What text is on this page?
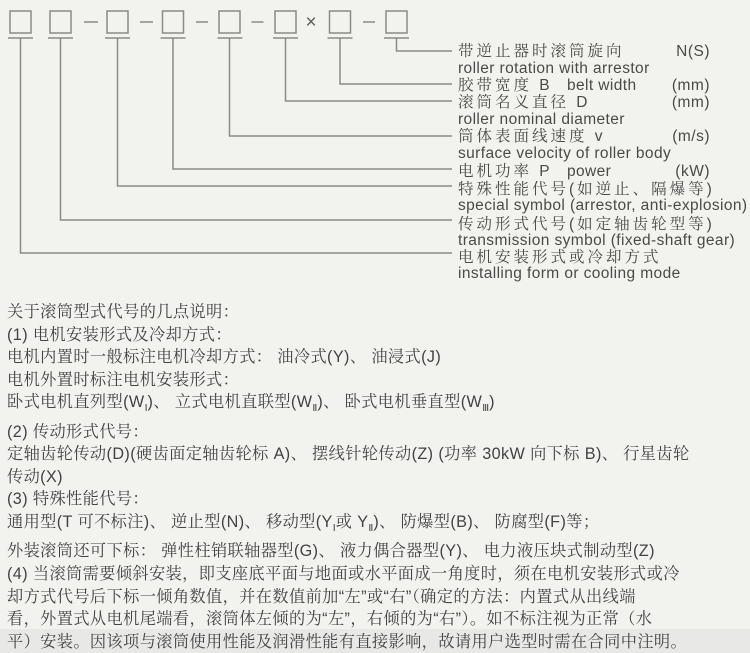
×
带逆止器时滚筒旋向	N(S)
roller rotation with arrestor
胶带宽度 B belt width (mm)
滚筒名义直径 D	(mm)
roller nominal diameter
筒体表面线速度 v	(m/s)
surface velocity of roller body
电机功率 P power	(kW)
特殊性能代号(如逆止、隔爆等)
special symbol (arrestor, anti-explosion)
传动形式代号(如定轴齿轮型等)
transmission symbol (fixed-shaft gear)
电机安装形式或冷却方式
installing form or cooling mode
关于滚筒型式代号的几点说明：
(1) 电机安装形式及冷却方式：
电机内置时一般标注电机冷却方式： 油冷式(Y)、 油浸式(J)
电机外置时标注电机安装形式：
卧式电机直列型$(W_Ⅰ)$、 立式电机直联型$(W_Ⅱ)$、 卧式电机垂直型$(W_Ⅲ)$
(2) 传动形式代号：
定轴齿轮传动(D)(硬齿面定轴齿轮标 A)、 摆线针轮传动(Z) (功率 30kW 向下标 B)、 行星齿轮
传动(X)
(3) 特殊性能代号：
通用型(T 可不标注)、 逆止型(N)、 移动型($Y_Ⅰ$或 $Y_Ⅱ$)、 防爆型(B)、 防腐型(F)等；
外装滚筒还可下标： 弹性柱销联轴器型(G)、 液力偶合器型(Y)、 电力液压块式制动型(Z)
(4) 当滚筒需要倾斜安装，即支座底平面与地面或水平面成一角度时，须在电机安装形式或冷
却方式代号后下标一倾角数值，并在数值前加“左”或“右”（确定的方法：内置式从出线端
看，外置式从电机尾端看，滚筒体左倾的为“左”，右倾的为“右”）。如不标注视为正常（水
平）安装。因该项与滚筒使用性能及润滑性能有直接影响，故请用户选型时需在合同中注明。
